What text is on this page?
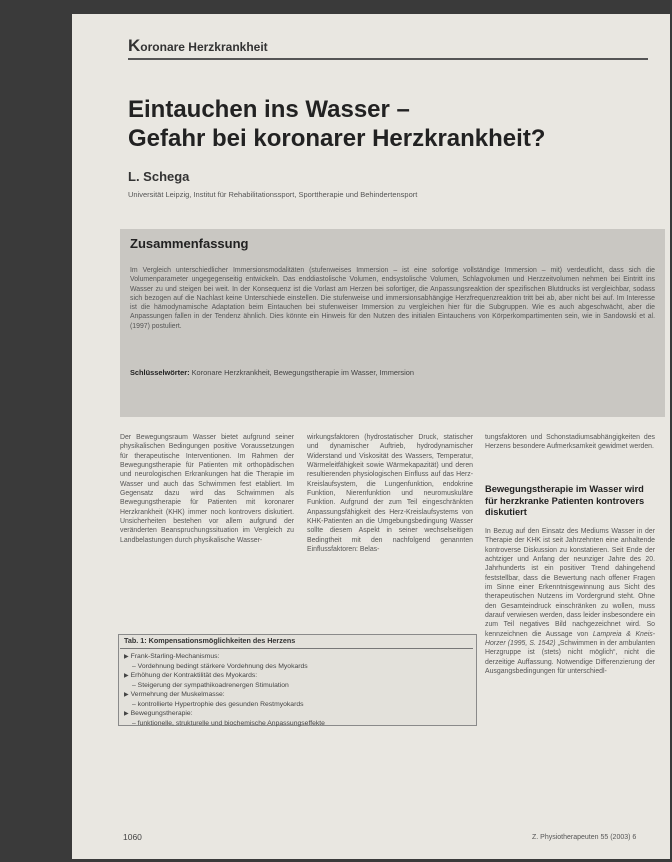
Koronare Herzkrankheit
Eintauchen ins Wasser –
Gefahr bei koronarer Herzkrankheit?
L. Schega
Universität Leipzig, Institut für Rehabilitationssport, Sporttherapie und Behindertensport
Zusammenfassung
Im Vergleich unterschiedlicher Immersionsmodalitäten (stufenweises Immersion – ist eine sofortige vollständige Immersion – mit) verdeutlicht, dass sich die Volumenparameter ungegegenseitig entwickeln. Das enddiastolische Volumen, endsystolische Volumen, Schlagvolumen und Herzzeitvolumen nehmen bei Eintritt ins Wasser zu und steigen bei weit. In der Konsequenz ist die Vorlast am Herzen bei sofortiger, die Anpassungsreaktion der spezifischen Blutdrucks ist vergleichbar, sodass sich bezogen auf die Nachlast keine Unterschiede einstellen. Die stufenweise und immersionsabhängige Herzfrequenzreaktion tritt bei ab, aber nicht bei auf. Im Interesse ist die hämodynamische Adaptation beim Eintauchen bei stufenweiser Immersion zu vergleichen hier für die Subgruppen. Wie es auch abgeschwächt, aber die Anpassungen fallen in der Tendenz ähnlich. Dies könnte ein Hinweis für den Nutzen des initialen Eintauchens von Körperkompartimenten sein, wie in Sandowski et al. (1997) postuliert.
Schlüsselwörter: Koronare Herzkrankheit, Bewegungstherapie im Wasser, Immersion
Der Bewegungsraum Wasser bietet aufgrund seiner physikalischen Bedingungen positive Voraussetzungen für therapeutische Interventionen. Im Rahmen der Bewegungstherapie für Patienten mit orthopädischen und neurologischen Erkrankungen hat die Therapie im Wasser und auch das Schwimmen fest etabliert. Im Gegensatz dazu wird das Schwimmen als Bewegungstherapie für Patienten mit koronarer Herzkrankheit (KHK) immer noch kontrovers diskutiert. Unsicherheiten bestehen vor allem aufgrund der veränderten Beanspruchungssituation im Vergleich zu Landbelastungen durch physikalische Wasser-
wirkungsfaktoren (hydrostatischer Druck, statischer und dynamischer Auftrieb, hydrodynamischer Widerstand und Viskosität des Wassers, Temperatur, Wärmeleitfähigkeit sowie Wärmekapazität) und deren resultierenden physiologischen Einfluss auf das Herz-Kreislaufsystem, die Lungenfunktion, endokrine Funktion, Nierenfunktion und neuromuskuläre Funktion. Aufgrund der zum Teil eingeschränkten Anpassungsfähigkeit des Herz-Kreislaufsystems von KHK-Patienten an die Umgebungsbedingung Wasser sollte diesem Aspekt in seiner wechselseitigen Bedingtheit mit den nachfolgend genannten Einflussfaktoren: Belas-
tungsfaktoren und Schonstadiumsabhängigkeiten des Herzens besondere Aufmerksamkeit gewidmet werden.
Bewegungstherapie im Wasser wird für herzkranke Patienten kontrovers diskutiert
In Bezug auf den Einsatz des Mediums Wasser in der Therapie der KHK ist seit Jahrzehnten eine anhaltende kontroverse Diskussion zu konstatieren. Seit Ende der achtziger und Anfang der neunziger Jahre des 20. Jahrhunderts ist ein positiver Trend dahingehend feststellbar, dass die Bewertung nach offener Fragen im Sinne einer Erkenntnisgewinnung aus Sicht des therapeutischen Nutzens im Vordergrund steht. Ohne den Gesamteindruck einschränken zu wollen, muss darauf verwiesen werden, dass leider insbesondere ein zum Teil negatives Bild nachgezeichnet wird. So kennzeichnen die Aussage von Lampreia & Kneis-Horzer (1995, S. 1542) „Schwimmen in der ambulanten Herzgruppe ist (stets) nicht möglich“, nicht die derzeitige Auffassung. Notwendige Differenzierung der Ausgangsbedingungen für unterschiedl-
Tab. 1: Kompensationsmöglichkeiten des Herzens
▶ Frank-Starling-Mechanismus:
– Vordehnung bedingt stärkere Vordehnung des Myokards
▶ Erhöhung der Kontraktilität des Myokards:
– Steigerung der sympathikoadrenergen Stimulation
▶ Vermehrung der Muskelmasse:
– kontrollierte Hypertrophie des gesunden Restmyokards
▶ Bewegungstherapie:
– funktionelle, strukturelle und biochemische Anpassungseffekte
1060	Z. Physiotherapeuten 55 (2003) 6
